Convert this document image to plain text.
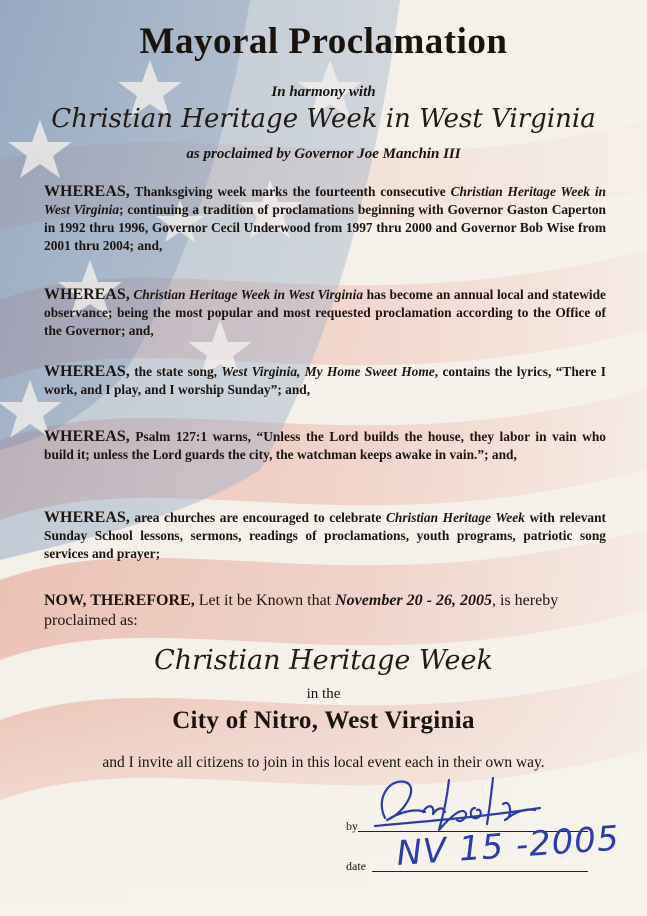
Mayoral Proclamation
In harmony with
Christian Heritage Week in West Virginia
as proclaimed by Governor Joe Manchin III
WHEREAS, Thanksgiving week marks the fourteenth consecutive Christian Heritage Week in West Virginia; continuing a tradition of proclamations beginning with Governor Gaston Caperton in 1992 thru 1996, Governor Cecil Underwood from 1997 thru 2000 and Governor Bob Wise from 2001 thru 2004; and,
WHEREAS, Christian Heritage Week in West Virginia has become an annual local and statewide observance; being the most popular and most requested proclamation according to the Office of the Governor; and,
WHEREAS, the state song, West Virginia, My Home Sweet Home, contains the lyrics, “There I work, and I play, and I worship Sunday”; and,
WHEREAS, Psalm 127:1 warns, “Unless the Lord builds the house, they labor in vain who build it; unless the Lord guards the city, the watchman keeps awake in vain.”; and,
WHEREAS, area churches are encouraged to celebrate Christian Heritage Week with relevant Sunday School lessons, sermons, readings of proclamations, youth programs, patriotic song services and prayer;
NOW, THEREFORE, Let it be Known that November 20 - 26, 2005, is hereby proclaimed as:
Christian Heritage Week
in the
City of Nitro, West Virginia
and I invite all citizens to join in this local event each in their own way.
by
date NV 15 -2005
